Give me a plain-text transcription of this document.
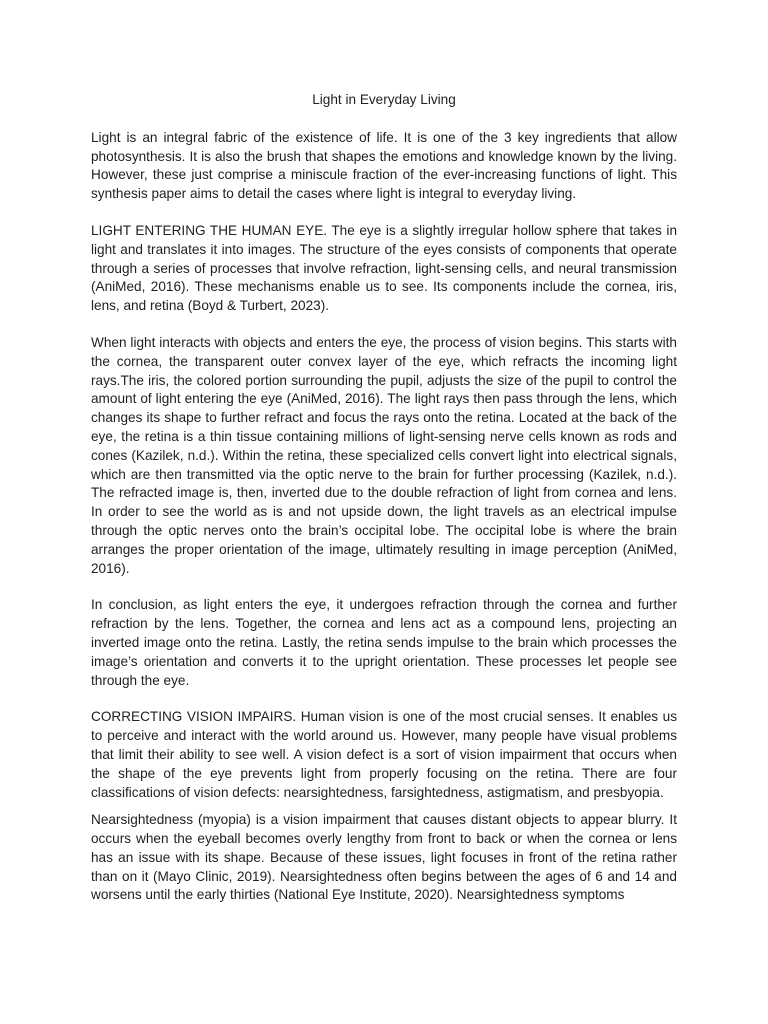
Light in Everyday Living

Light is an integral fabric of the existence of life. It is one of the 3 key ingredients that allow photosynthesis. It is also the brush that shapes the emotions and knowledge known by the living. However, these just comprise a miniscule fraction of the ever-increasing functions of light. This synthesis paper aims to detail the cases where light is integral to everyday living.

LIGHT ENTERING THE HUMAN EYE. The eye is a slightly irregular hollow sphere that takes in light and translates it into images. The structure of the eyes consists of components that operate through a series of processes that involve refraction, light-sensing cells, and neural transmission (AniMed, 2016). These mechanisms enable us to see. Its components include the cornea, iris, lens, and retina (Boyd & Turbert, 2023).

When light interacts with objects and enters the eye, the process of vision begins. This starts with the cornea, the transparent outer convex layer of the eye, which refracts the incoming light rays.The iris, the colored portion surrounding the pupil, adjusts the size of the pupil to control the amount of light entering the eye (AniMed, 2016). The light rays then pass through the lens, which changes its shape to further refract and focus the rays onto the retina. Located at the back of the eye, the retina is a thin tissue containing millions of light-sensing nerve cells known as rods and cones (Kazilek, n.d.). Within the retina, these specialized cells convert light into electrical signals, which are then transmitted via the optic nerve to the brain for further processing (Kazilek, n.d.). The refracted image is, then, inverted due to the double refraction of light from cornea and lens. In order to see the world as is and not upside down, the light travels as an electrical impulse through the optic nerves onto the brain’s occipital lobe. The occipital lobe is where the brain arranges the proper orientation of the image, ultimately resulting in image perception (AniMed, 2016).

In conclusion, as light enters the eye, it undergoes refraction through the cornea and further refraction by the lens. Together, the cornea and lens act as a compound lens, projecting an inverted image onto the retina. Lastly, the retina sends impulse to the brain which processes the image’s orientation and converts it to the upright orientation. These processes let people see through the eye.

CORRECTING VISION IMPAIRS. Human vision is one of the most crucial senses. It enables us to perceive and interact with the world around us. However, many people have visual problems that limit their ability to see well. A vision defect is a sort of vision impairment that occurs when the shape of the eye prevents light from properly focusing on the retina. There are four classifications of vision defects: nearsightedness, farsightedness, astigmatism, and presbyopia.

Nearsightedness (myopia) is a vision impairment that causes distant objects to appear blurry. It occurs when the eyeball becomes overly lengthy from front to back or when the cornea or lens has an issue with its shape. Because of these issues, light focuses in front of the retina rather than on it (Mayo Clinic, 2019). Nearsightedness often begins between the ages of 6 and 14 and worsens until the early thirties (National Eye Institute, 2020). Nearsightedness symptoms
